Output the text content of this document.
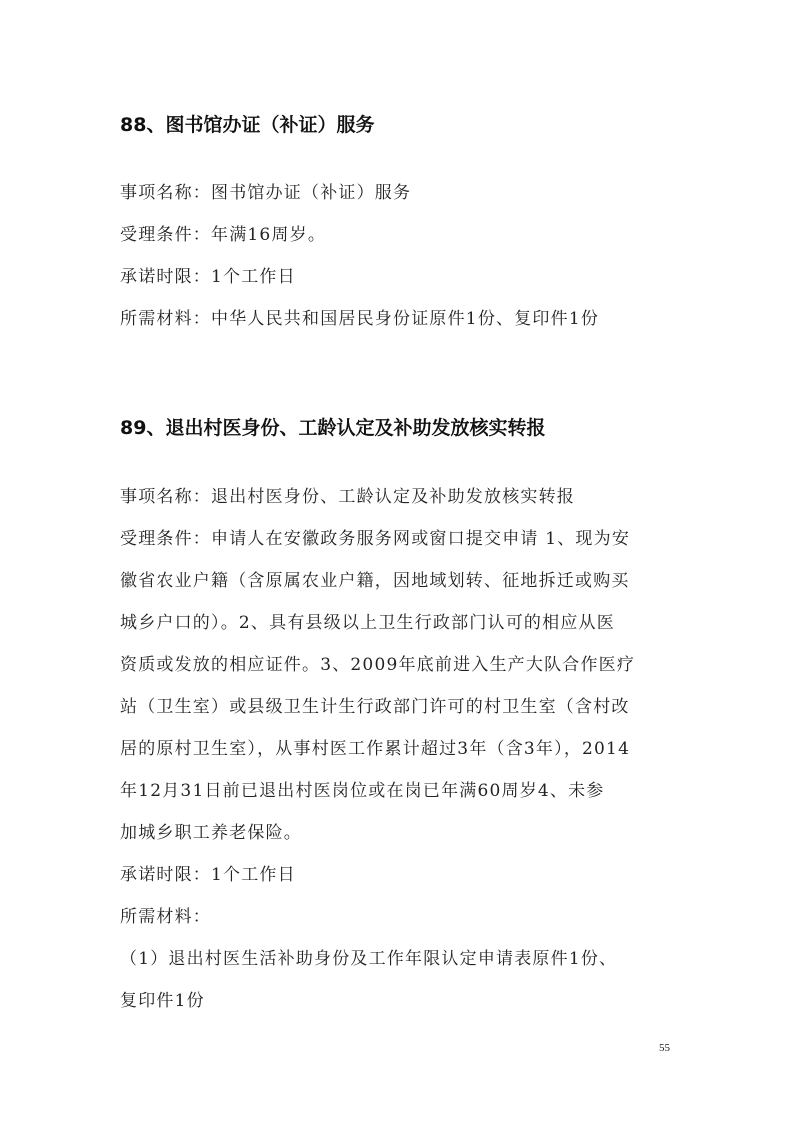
88、图书馆办证（补证）服务
事项名称：图书馆办证（补证）服务
受理条件：年满16周岁。
承诺时限：1个工作日
所需材料：中华人民共和国居民身份证原件1份、复印件1份
89、退出村医身份、工龄认定及补助发放核实转报
事项名称：退出村医身份、工龄认定及补助发放核实转报
受理条件：申请人在安徽政务服务网或窗口提交申请 1、现为安
徽省农业户籍（含原属农业户籍，因地域划转、征地拆迁或购买
城乡户口的）。2、具有县级以上卫生行政部门认可的相应从医
资质或发放的相应证件。3、2009年底前进入生产大队合作医疗
站（卫生室）或县级卫生计生行政部门许可的村卫生室（含村改
居的原村卫生室），从事村医工作累计超过3年（含3年），2014
年12月31日前已退出村医岗位或在岗已年满60周岁4、未参
加城乡职工养老保险。
承诺时限：1个工作日
所需材料：
（1）退出村医生活补助身份及工作年限认定申请表原件1份、
复印件1份
55
